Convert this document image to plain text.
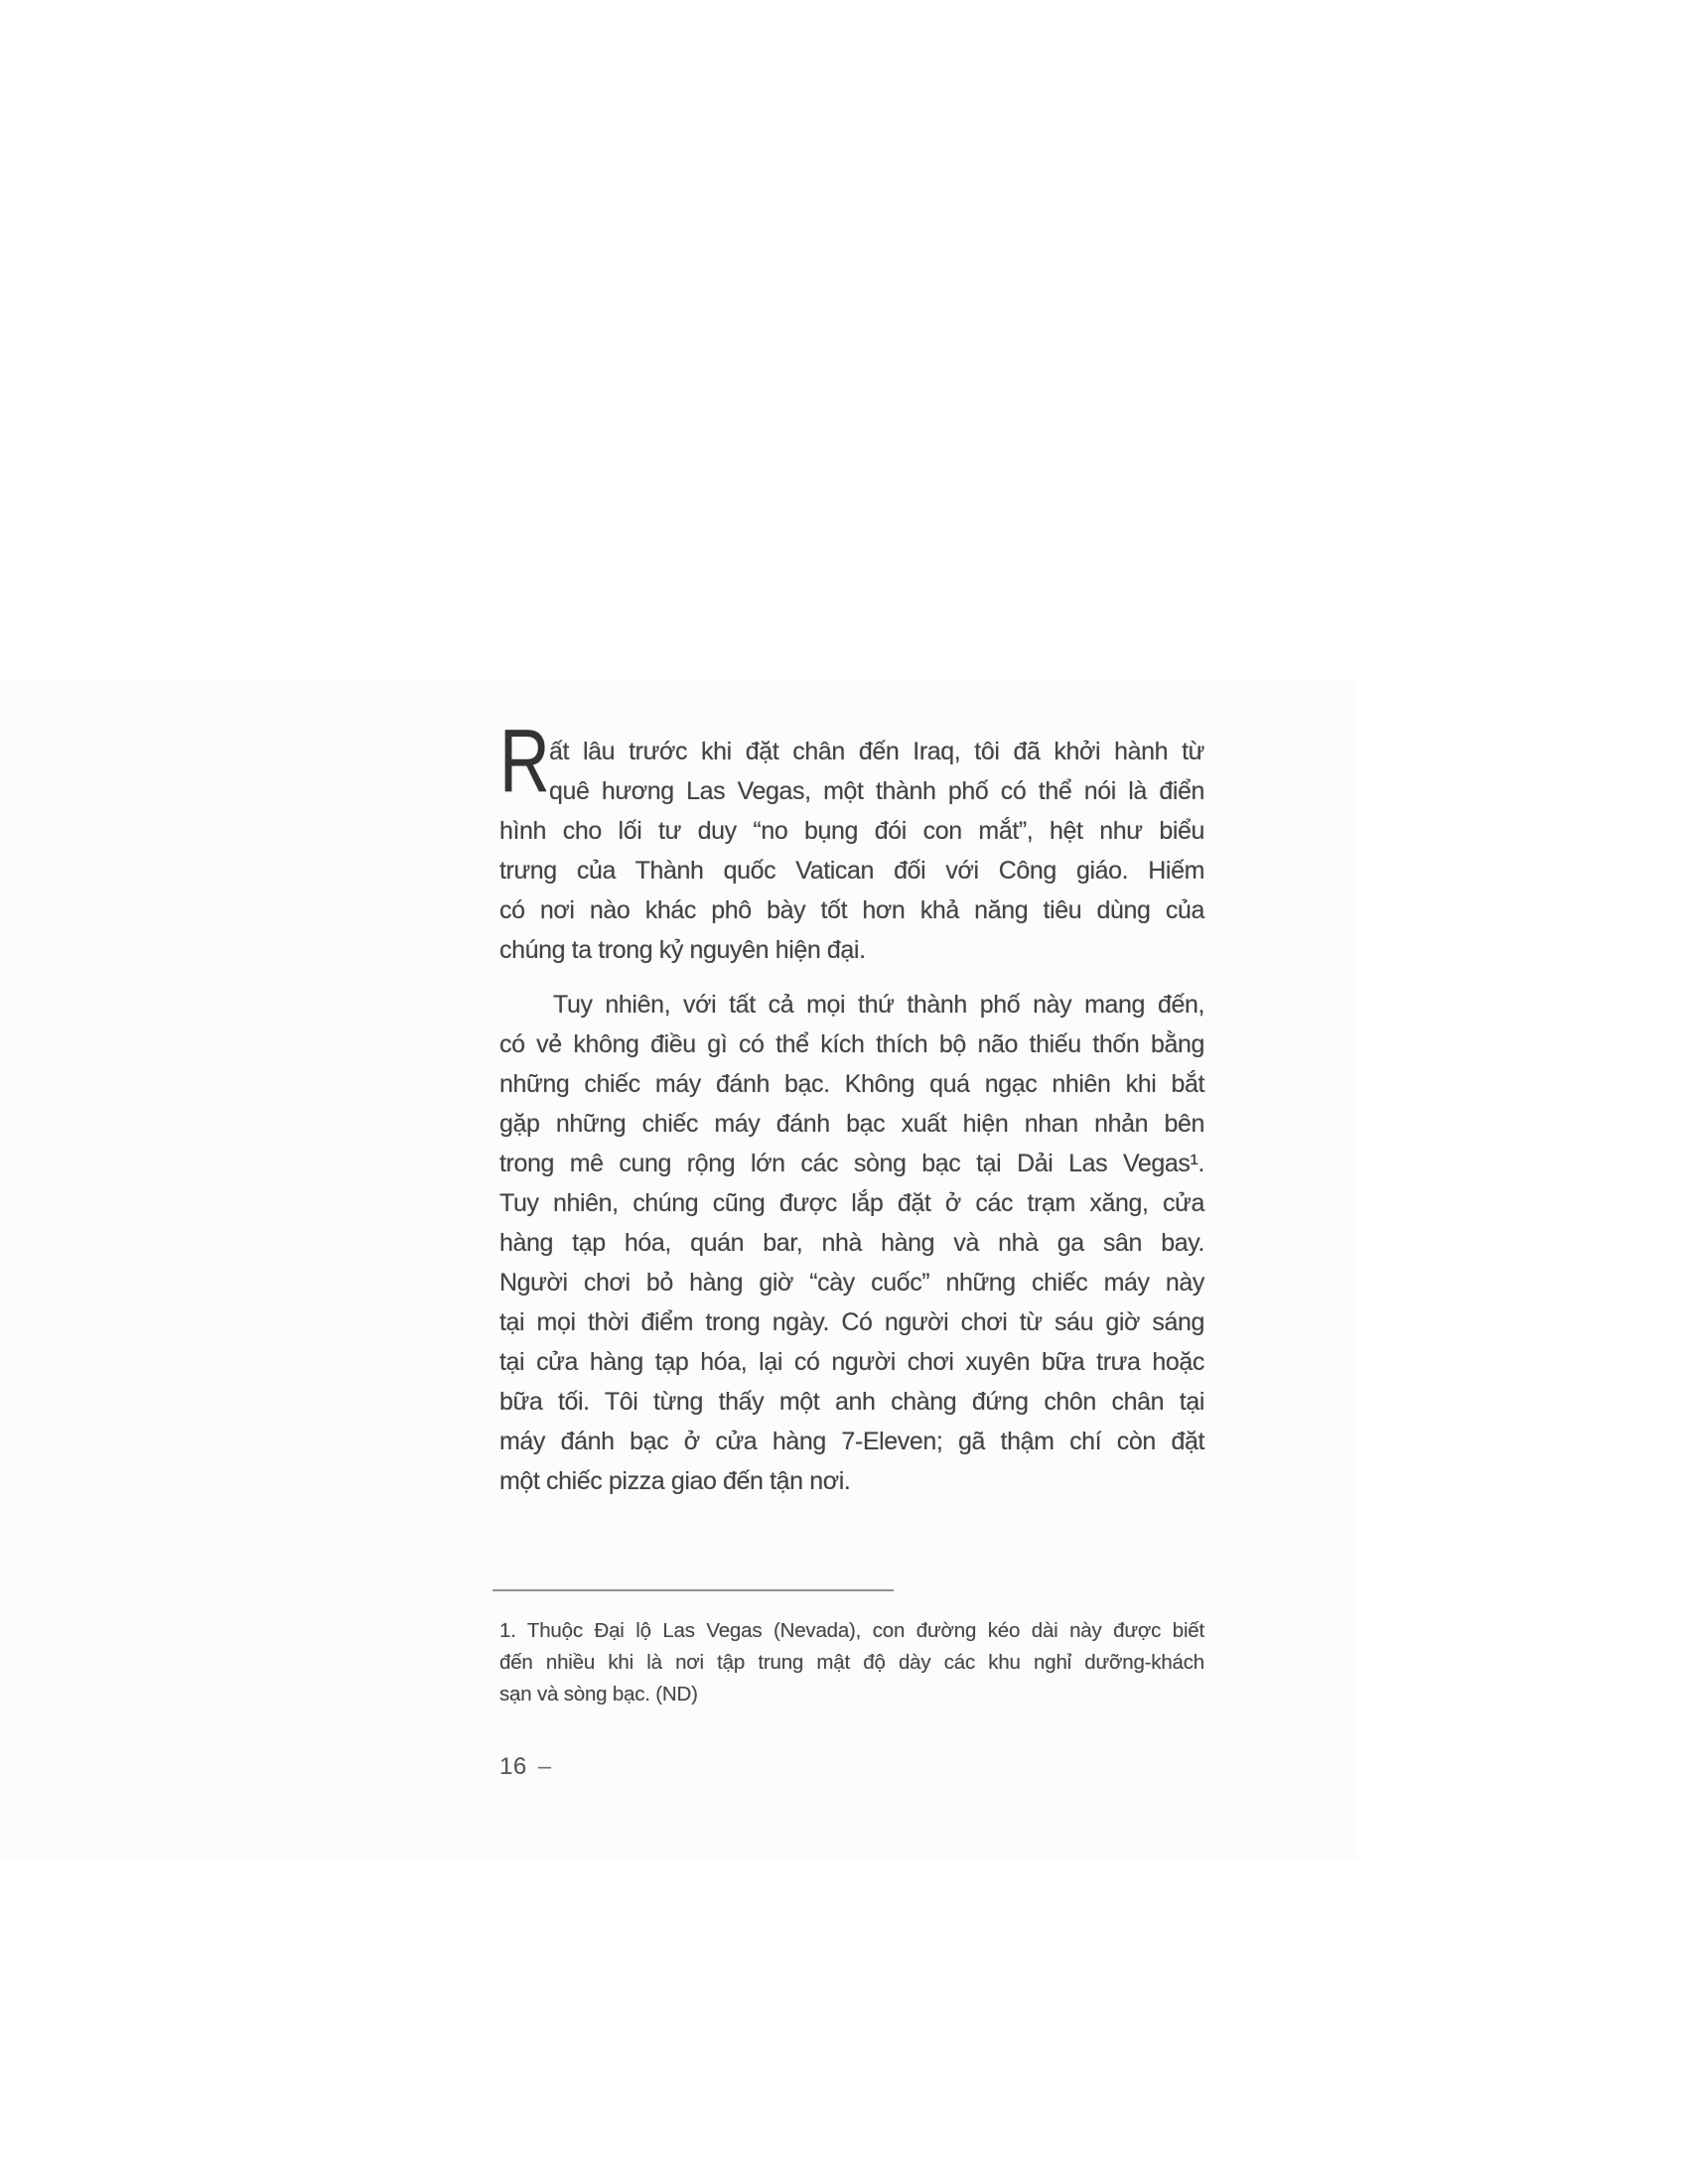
R ất lâu trước khi đặt chân đến Iraq, tôi đã khởi hành từ
quê hương Las Vegas, một thành phố có thể nói là điển
hình cho lối tư duy “no bụng đói con mắt”, hệt như biểu
trưng của Thành quốc Vatican đối với Công giáo. Hiếm
có nơi nào khác phô bày tốt hơn khả năng tiêu dùng của
chúng ta trong kỷ nguyên hiện đại.
Tuy nhiên, với tất cả mọi thứ thành phố này mang đến,
có vẻ không điều gì có thể kích thích bộ não thiếu thốn bằng
những chiếc máy đánh bạc. Không quá ngạc nhiên khi bắt
gặp những chiếc máy đánh bạc xuất hiện nhan nhản bên
trong mê cung rộng lớn các sòng bạc tại Dải Las Vegas¹.
Tuy nhiên, chúng cũng được lắp đặt ở các trạm xăng, cửa
hàng tạp hóa, quán bar, nhà hàng và nhà ga sân bay.
Người chơi bỏ hàng giờ “cày cuốc” những chiếc máy này
tại mọi thời điểm trong ngày. Có người chơi từ sáu giờ sáng
tại cửa hàng tạp hóa, lại có người chơi xuyên bữa trưa hoặc
bữa tối. Tôi từng thấy một anh chàng đứng chôn chân tại
máy đánh bạc ở cửa hàng 7-Eleven; gã thậm chí còn đặt
một chiếc pizza giao đến tận nơi.
1. Thuộc Đại lộ Las Vegas (Nevada), con đường kéo dài này được biết
đến nhiều khi là nơi tập trung mật độ dày các khu nghỉ dưỡng-khách
sạn và sòng bạc. (ND)
16 –
